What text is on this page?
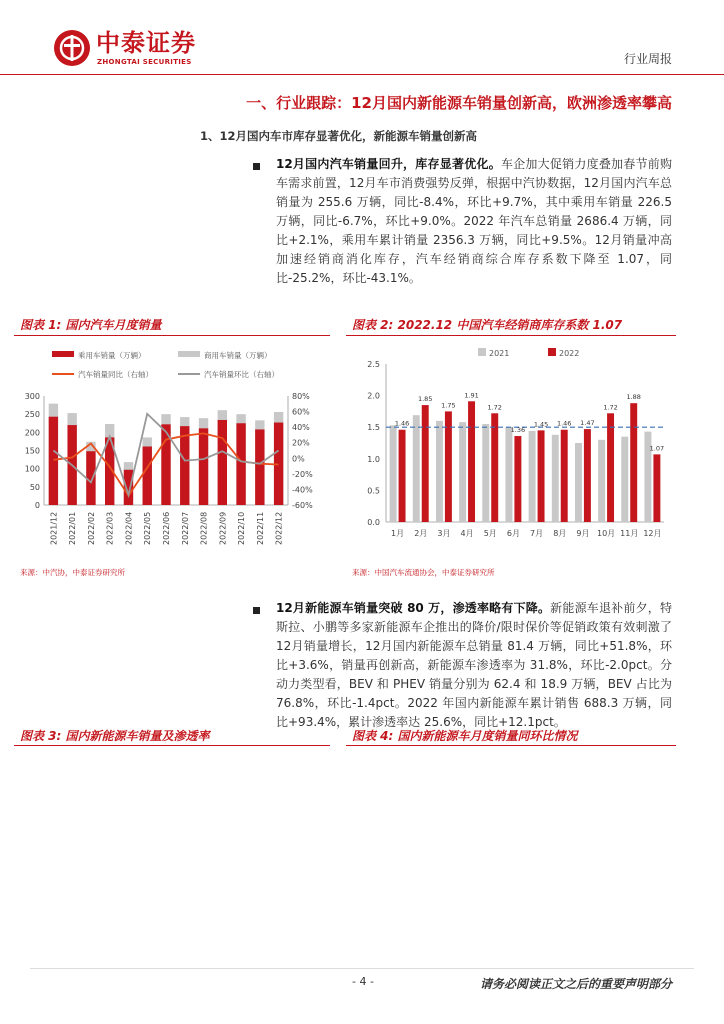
中泰证券
ZHONGTAI SECURITIES	行业周报
一、行业跟踪：12月国内新能源车销量创新高，欧洲渗透率攀高
1、12月国内车市库存显著优化，新能源车销量创新高
12月国内汽车销量回升，库存显著优化。车企加大促销力度叠加春节前购车需求前置，12月车市消费强势反弹，根据中汽协数据，12月国内汽车总销量为 255.6 万辆，同比-8.4%，环比+9.7%，其中乘用车销量 226.5 万辆，同比-6.7%，环比+9.0%。2022 年汽车总销量 2686.4 万辆，同比+2.1%，乘用车累计销量 2356.3 万辆，同比+9.5%。12月销量冲高加速经销商消化库存，汽车经销商综合库存系数下降至 1.07，同比-25.2%，环比-43.1%。
图表 1: 国内汽车月度销量
乘用车销量（万辆）	商用车销量（万辆）
汽车销量同比（右轴）	汽车销量环比（右轴）
0
50
100
150
200
250
300
-60%
-40%
-20%
0%
20%
40%
60%
80%
2021/12 2022/01 2022/02 2022/03 2022/04 2022/05 2022/06 2022/07 2022/08 2022/09 2022/10 2022/11 2022/12
来源：中汽协，中泰证券研究所
图表 2: 2022.12 中国汽车经销商库存系数 1.07
2021	2022
0.0
0.5
1.0
1.5
2.0
2.5
1.46
1.85
1.75
1.91
1.72
1.36
1.45 1.46 1.47
1.72
1.88
1.07
1月 2月 3月 4月 5月 6月 7月 8月 9月 10月 11月 12月
来源：中国汽车流通协会，中泰证券研究所
12月新能源车销量突破 80 万，渗透率略有下降。新能源车退补前夕，特斯拉、小鹏等多家新能源车企推出的降价/限时保价等促销政策有效刺激了12月销量增长，12月国内新能源车总销量 81.4 万辆，同比+51.8%，环比+3.6%，销量再创新高，新能源车渗透率为 31.8%，环比-2.0pct。分动力类型看，BEV 和 PHEV 销量分别为 62.4 和 18.9 万辆，BEV 占比为 76.8%，环比-1.4pct。2022 年国内新能源车累计销售 688.3 万辆，同比+93.4%，累计渗透率达 25.6%，同比+12.1pct。
图表 3: 国内新能源车销量及渗透率	图表 4: 国内新能源车月度销量同环比情况
- 4 -	请务必阅读正文之后的重要声明部分
